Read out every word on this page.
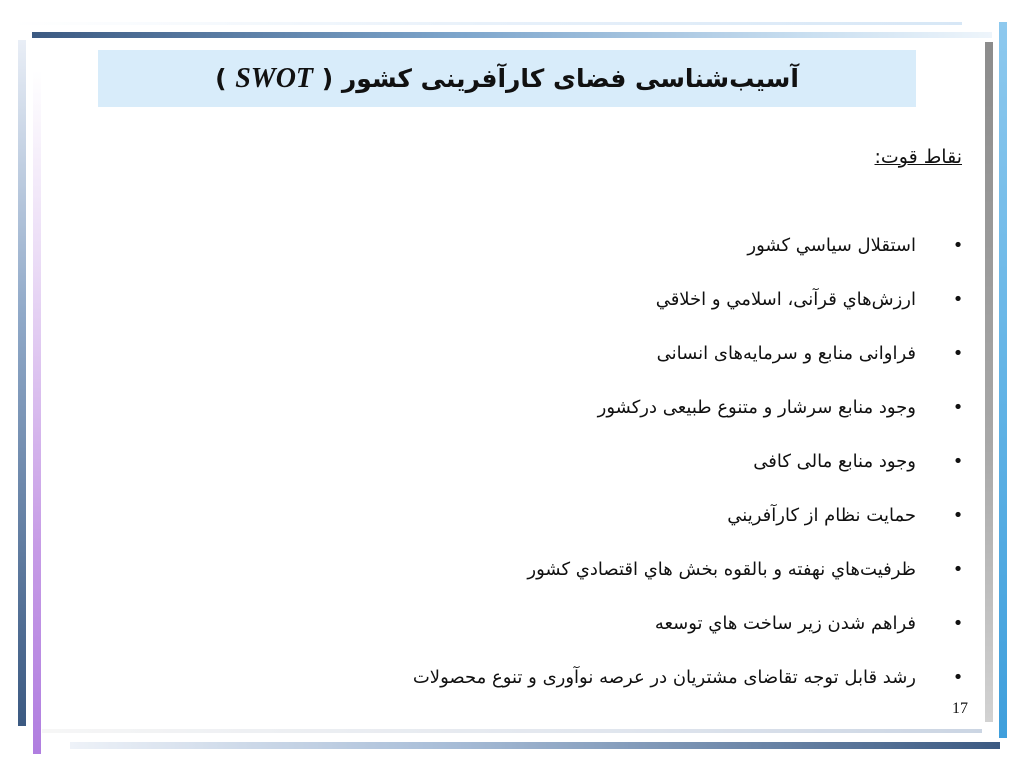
آسیب‌شناسی فضای کارآفرینی کشور ( SWOT )
نقاط قوت:
•
استقلال سیاسي كشور
•
ارزش‌هاي قرآنی، اسلامي و اخلاقي
•
فراوانی منابع و سرمایه‌های انسانی
•
وجود منابع سرشار و متنوع طبیعی درکشور
•
وجود منابع مالی کافی
•
حمایت نظام از كارآفريني
•
ظرفیت‌هاي نهفته و بالقوه بخش هاي اقتصادي كشور
•
فراهم شدن زیر ساخت هاي توسعه
•
رشد قابل توجه تقاضای مشتریان در عرصه نوآوری و تنوع محصولات
17
